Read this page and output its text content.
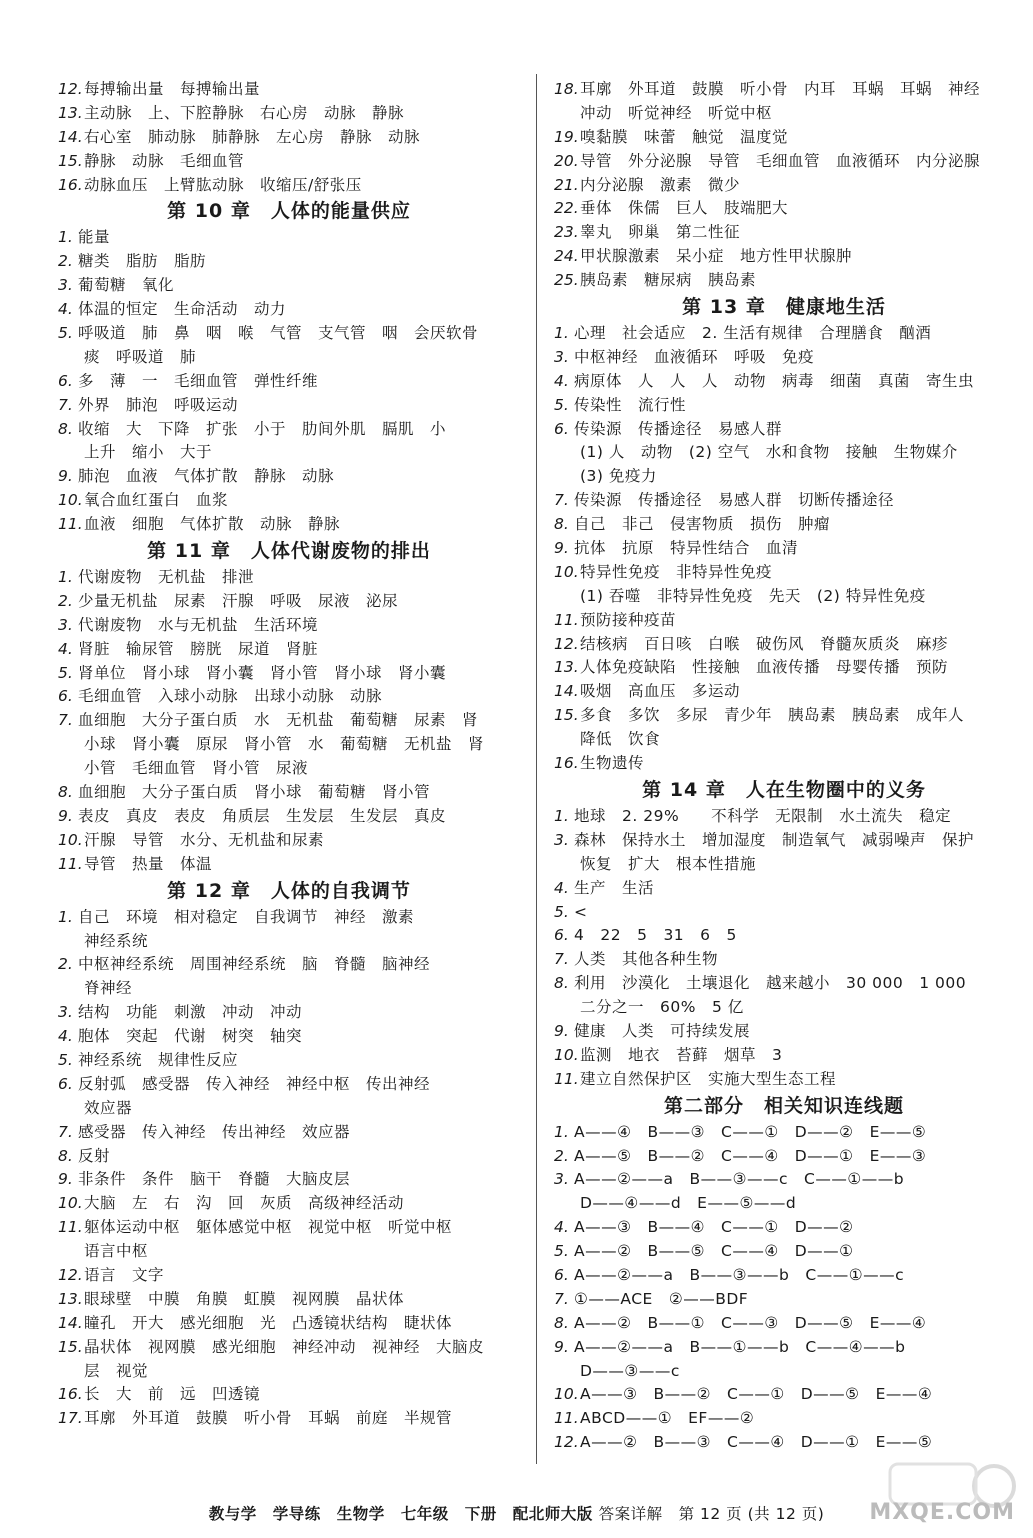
12.每搏输出量　每搏输出量
13.主动脉　上、下腔静脉　右心房　动脉　静脉
14.右心室　肺动脉　肺静脉　左心房　静脉　动脉
15.静脉　动脉　毛细血管
16.动脉血压　上臂肱动脉　收缩压/舒张压
第 10 章　人体的能量供应
1. 能量
2. 糖类　脂肪　脂肪
3. 葡萄糖　氧化
4. 体温的恒定　生命活动　动力
5. 呼吸道　肺　鼻　咽　喉　气管　支气管　咽　会厌软骨
痰　呼吸道　肺
6. 多　薄　一　毛细血管　弹性纤维
7. 外界　肺泡　呼吸运动
8. 收缩　大　下降　扩张　小于　肋间外肌　膈肌　小
上升　缩小　大于
9. 肺泡　血液　气体扩散　静脉　动脉
10.氧合血红蛋白　血浆
11.血液　细胞　气体扩散　动脉　静脉
第 11 章　人体代谢废物的排出
1. 代谢废物　无机盐　排泄
2. 少量无机盐　尿素　汗腺　呼吸　尿液　泌尿
3. 代谢废物　水与无机盐　生活环境
4. 肾脏　输尿管　膀胱　尿道　肾脏
5. 肾单位　肾小球　肾小囊　肾小管　肾小球　肾小囊
6. 毛细血管　入球小动脉　出球小动脉　动脉
7. 血细胞　大分子蛋白质　水　无机盐　葡萄糖　尿素　肾
小球　肾小囊　原尿　肾小管　水　葡萄糖　无机盐　肾
小管　毛细血管　肾小管　尿液
8. 血细胞　大分子蛋白质　肾小球　葡萄糖　肾小管
9. 表皮　真皮　表皮　角质层　生发层　生发层　真皮
10.汗腺　导管　水分、无机盐和尿素
11.导管　热量　体温
第 12 章　人体的自我调节
1. 自己　环境　相对稳定　自我调节　神经　激素
神经系统
2. 中枢神经系统　周围神经系统　脑　脊髓　脑神经
脊神经
3. 结构　功能　刺激　冲动　冲动
4. 胞体　突起　代谢　树突　轴突
5. 神经系统　规律性反应
6. 反射弧　感受器　传入神经　神经中枢　传出神经
效应器
7. 感受器　传入神经　传出神经　效应器
8. 反射
9. 非条件　条件　脑干　脊髓　大脑皮层
10.大脑　左　右　沟　回　灰质　高级神经活动
11.躯体运动中枢　躯体感觉中枢　视觉中枢　听觉中枢
语言中枢
12.语言　文字
13.眼球壁　中膜　角膜　虹膜　视网膜　晶状体
14.瞳孔　开大　感光细胞　光　凸透镜状结构　睫状体
15.晶状体　视网膜　感光细胞　神经冲动　视神经　大脑皮
层　视觉
16.长　大　前　远　凹透镜
17.耳廓　外耳道　鼓膜　听小骨　耳蜗　前庭　半规管
18.耳廓　外耳道　鼓膜　听小骨　内耳　耳蜗　耳蜗　神经
冲动　听觉神经　听觉中枢
19.嗅黏膜　味蕾　触觉　温度觉
20.导管　外分泌腺　导管　毛细血管　血液循环　内分泌腺
21.内分泌腺　激素　微少
22.垂体　侏儒　巨人　肢端肥大
23.睾丸　卵巢　第二性征
24.甲状腺激素　呆小症　地方性甲状腺肿
25.胰岛素　糖尿病　胰岛素
第 13 章　健康地生活
1. 心理　社会适应　2. 生活有规律　合理膳食　酗酒
3. 中枢神经　血液循环　呼吸　免疫
4. 病原体　人　人　人　动物　病毒　细菌　真菌　寄生虫
5. 传染性　流行性
6. 传染源　传播途径　易感人群
(1) 人　动物　(2) 空气　水和食物　接触　生物媒介
(3) 免疫力
7. 传染源　传播途径　易感人群　切断传播途径
8. 自己　非己　侵害物质　损伤　肿瘤
9. 抗体　抗原　特异性结合　血清
10.特异性免疫　非特异性免疫
(1) 吞噬　非特异性免疫　先天　(2) 特异性免疫
11.预防接种疫苗
12.结核病　百日咳　白喉　破伤风　脊髓灰质炎　麻疹
13.人体免疫缺陷　性接触　血液传播　母婴传播　预防
14.吸烟　高血压　多运动
15.多食　多饮　多尿　青少年　胰岛素　胰岛素　成年人
降低　饮食
16.生物遗传
第 14 章　人在生物圈中的义务
1. 地球　2. 29%　　不科学　无限制　水土流失　稳定
3. 森林　保持水土　增加湿度　制造氧气　减弱噪声　保护
恢复　扩大　根本性措施
4. 生产　生活
5. <
6. 4　22　5　31　6　5
7. 人类　其他各种生物
8. 利用　沙漠化　土壤退化　越来越小　30 000　1 000
二分之一　60%　5 亿
9. 健康　人类　可持续发展
10.监测　地衣　苔藓　烟草　3
11.建立自然保护区　实施大型生态工程
第二部分　相关知识连线题
1. A——④　B——③　C——①　D——②　E——⑤
2. A——⑤　B——②　C——④　D——①　E——③
3. A——②——a　B——③——c　C——①——b
D——④——d　E——⑤——d
4. A——③　B——④　C——①　D——②
5. A——②　B——⑤　C——④　D——①
6. A——②——a　B——③——b　C——①——c
7. ①——ACE　②——BDF
8. A——②　B——①　C——③　D——⑤　E——④
9. A——②——a　B——①——b　C——④——b
D——③——c
10.A——③　B——②　C——①　D——⑤　E——④
11.ABCD——①　EF——②
12.A——②　B——③　C——④　D——①　E——⑤
教与学　学导练　生物学　七年级　下册　配北师大版 答案详解　第 12 页 (共 12 页)	MXQE.COM
